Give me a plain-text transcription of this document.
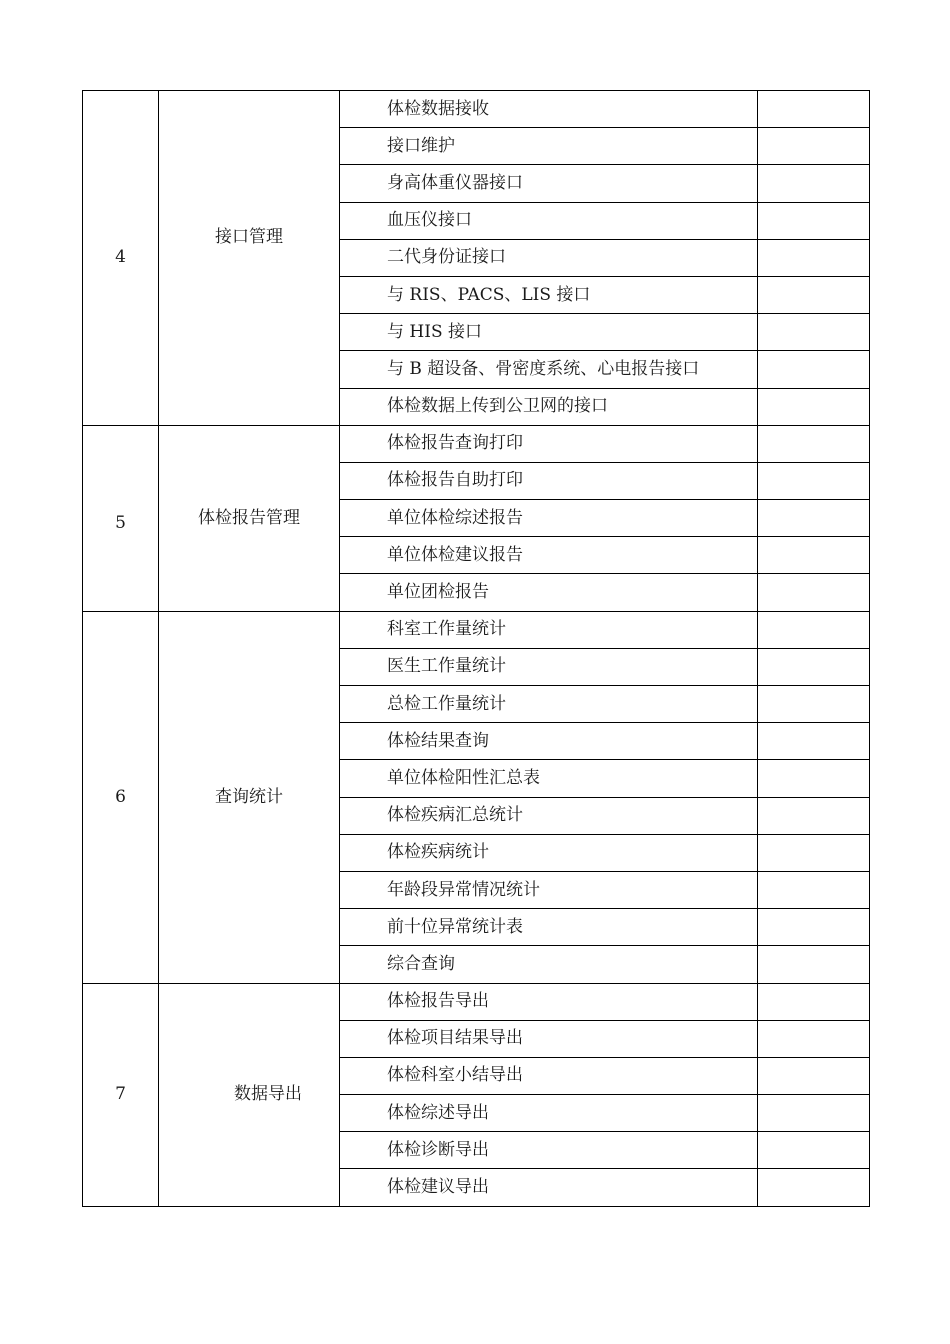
4	接口管理	体检数据接收	
		接口维护	
		身高体重仪器接口	
		血压仪接口	
		二代身份证接口	
		与 RIS、PACS、LIS 接口	
		与 HIS 接口	
		与 B 超设备、骨密度系统、心电报告接口	
		体检数据上传到公卫网的接口	
5	体检报告管理	体检报告查询打印	
		体检报告自助打印	
		单位体检综述报告	
		单位体检建议报告	
		单位团检报告	
6	查询统计	科室工作量统计	
		医生工作量统计	
		总检工作量统计	
		体检结果查询	
		单位体检阳性汇总表	
		体检疾病汇总统计	
		体检疾病统计	
		年龄段异常情况统计	
		前十位异常统计表	
		综合查询	
7	数据导出	体检报告导出	
		体检项目结果导出	
		体检科室小结导出	
		体检综述导出	
		体检诊断导出	
		体检建议导出	
